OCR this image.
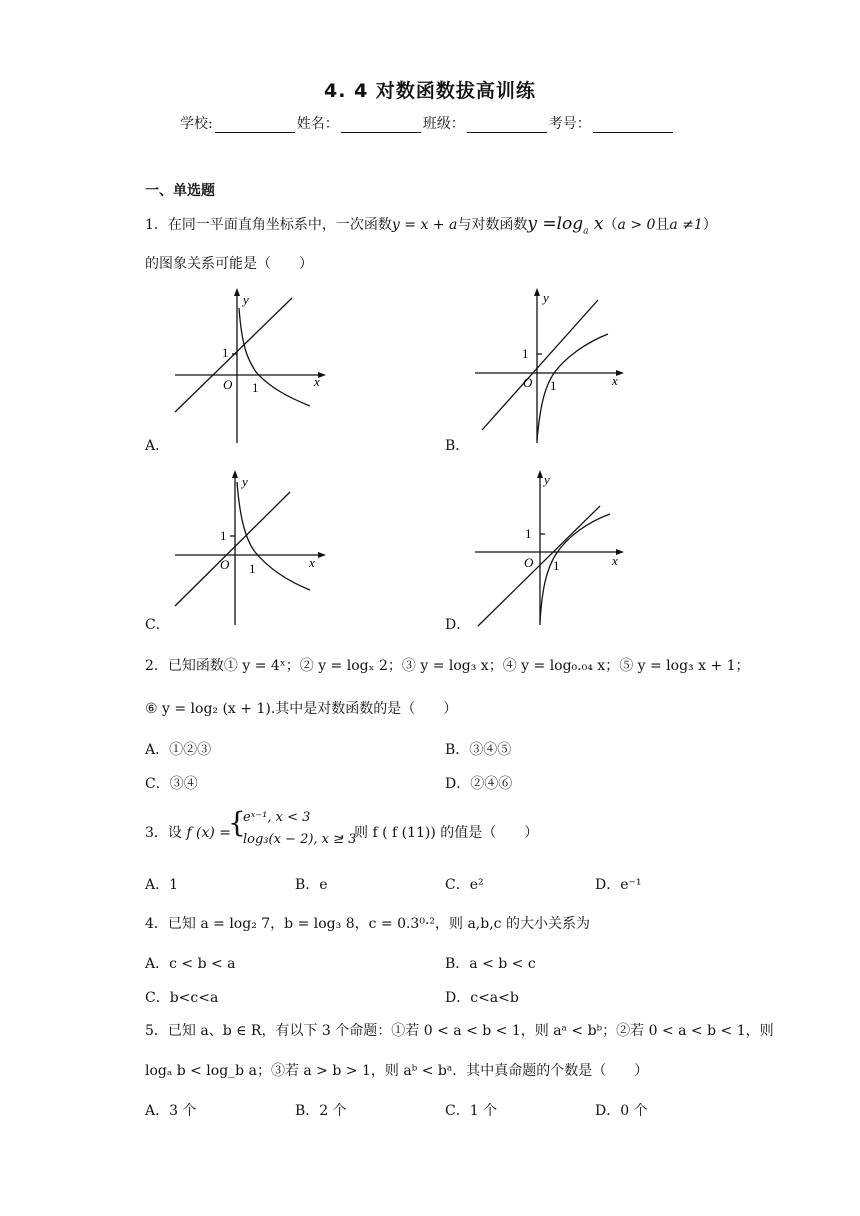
4. 4 对数函数拔高训练
学校:	姓名：	班级：	考号：
一、单选题
1．在同一平面直角坐标系中，一次函数y = x + a与对数函数$y =\log_a$ x（a > 0且a ≠1）
的图象关系可能是（　　）
x
y
O
1
1
A．
x
y
O
1
1
B．
x
y
O
1
1
C．
x
y
O
1
1
D．
2．已知函数① y = 4ˣ；② y = logₓ 2；③ y = log₃ x；④ y = log₀.₀₄ x；⑤ y = log₃ x + 1；
⑥ y = log₂ (x + 1).其中是对数函数的是（　　）
A．①②③	B．③④⑤
C．③④	D．②④⑥
3．设 f (x) =
{
eˣ⁻¹, x < 3
log₃(x − 2), x ≥ 3
，则 f ( f (11)) 的值是（　　）
A．1	B．e	C．e²	D．e⁻¹
4．已知 a = log₂ 7，b = log₃ 8，c = 0.3⁰·²，则 a,b,c 的大小关系为
A．c < b < a	B．a < b < c
C．b<c<a	D．c<a<b
5．已知 a、b ∈ R，有以下 3 个命题：①若 0 < a < b < 1，则 aᵃ < bᵇ；②若 0 < a < b < 1，则
logₐ b < log_b a；③若 a > b > 1，则 aᵇ < bᵃ．其中真命题的个数是（　　）
A．3 个	B．2 个	C．1 个	D．0 个
